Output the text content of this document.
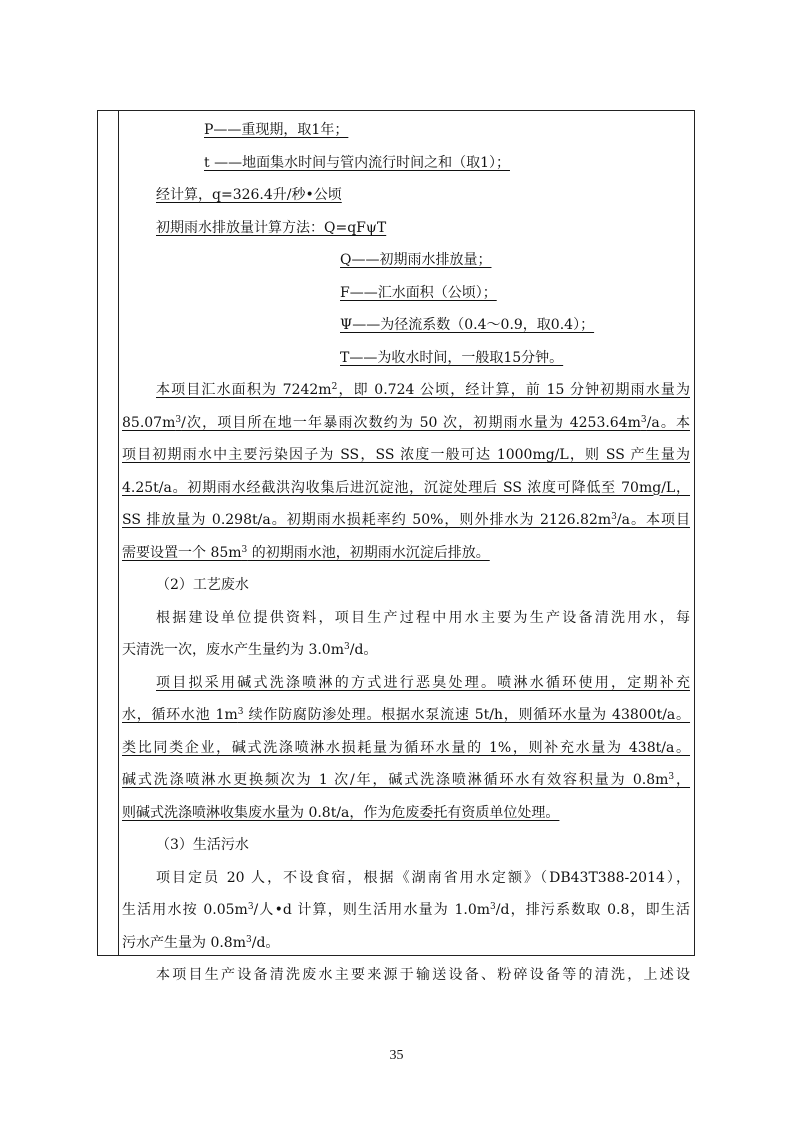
P——重现期，取1年；
t ——地面集水时间与管内流行时间之和（取1）；
经计算，q=326.4升/秒•公顷
初期雨水排放量计算方法：Q=qFψT
Q——初期雨水排放量；
F——汇水面积（公顷）；
Ψ——为径流系数（0.4～0.9，取0.4）；
T——为收水时间，一般取15分钟。
本项目汇水面积为 $7242m^2$，即 0.724 公顷，经计算，前 15 分钟初期雨水量为
$85.07m^3/$次，项目所在地一年暴雨次数约为 50 次，初期雨水量为 $4253.64m^3/a$。本
项目初期雨水中主要污染因子为 SS，SS 浓度一般可达 1000mg/L，则 SS 产生量为
4.25t/a。初期雨水经截洪沟收集后进沉淀池，沉淀处理后 SS 浓度可降低至 70mg/L，
SS 排放量为 0.298t/a。初期雨水损耗率约 50%，则外排水为 $2126.82m^3/a$。本项目
需要设置一个 $85m^3$ 的初期雨水池，初期雨水沉淀后排放。
（2）工艺废水
根据建设单位提供资料，项目生产过程中用水主要为生产设备清洗用水，每
天清洗一次，废水产生量约为 $3.0m^3/d$。
项目拟采用碱式洗涤喷淋的方式进行恶臭处理。喷淋水循环使用，定期补充
水，循环水池 $1m^3$ 续作防腐防渗处理。根据水泵流速 5t/h，则循环水量为 43800t/a。
类比同类企业，碱式洗涤喷淋水损耗量为循环水量的 1%，则补充水量为 438t/a。
碱式洗涤喷淋水更换频次为 1 次/年，碱式洗涤喷淋循环水有效容积量为 $0.8m^3$，
则碱式洗涤喷淋收集废水量为 0.8t/a，作为危废委托有资质单位处理。
（3）生活污水
项目定员 20 人，不设食宿，根据《湖南省用水定额》（DB43T388-2014），
生活用水按 $0.05m^3/$人•d 计算，则生活用水量为 $1.0m^3/d$，排污系数取 0.8，即生活
污水产生量为 $0.8m^3/d$。
本项目生产设备清洗废水主要来源于输送设备、粉碎设备等的清洗，上述设
35
